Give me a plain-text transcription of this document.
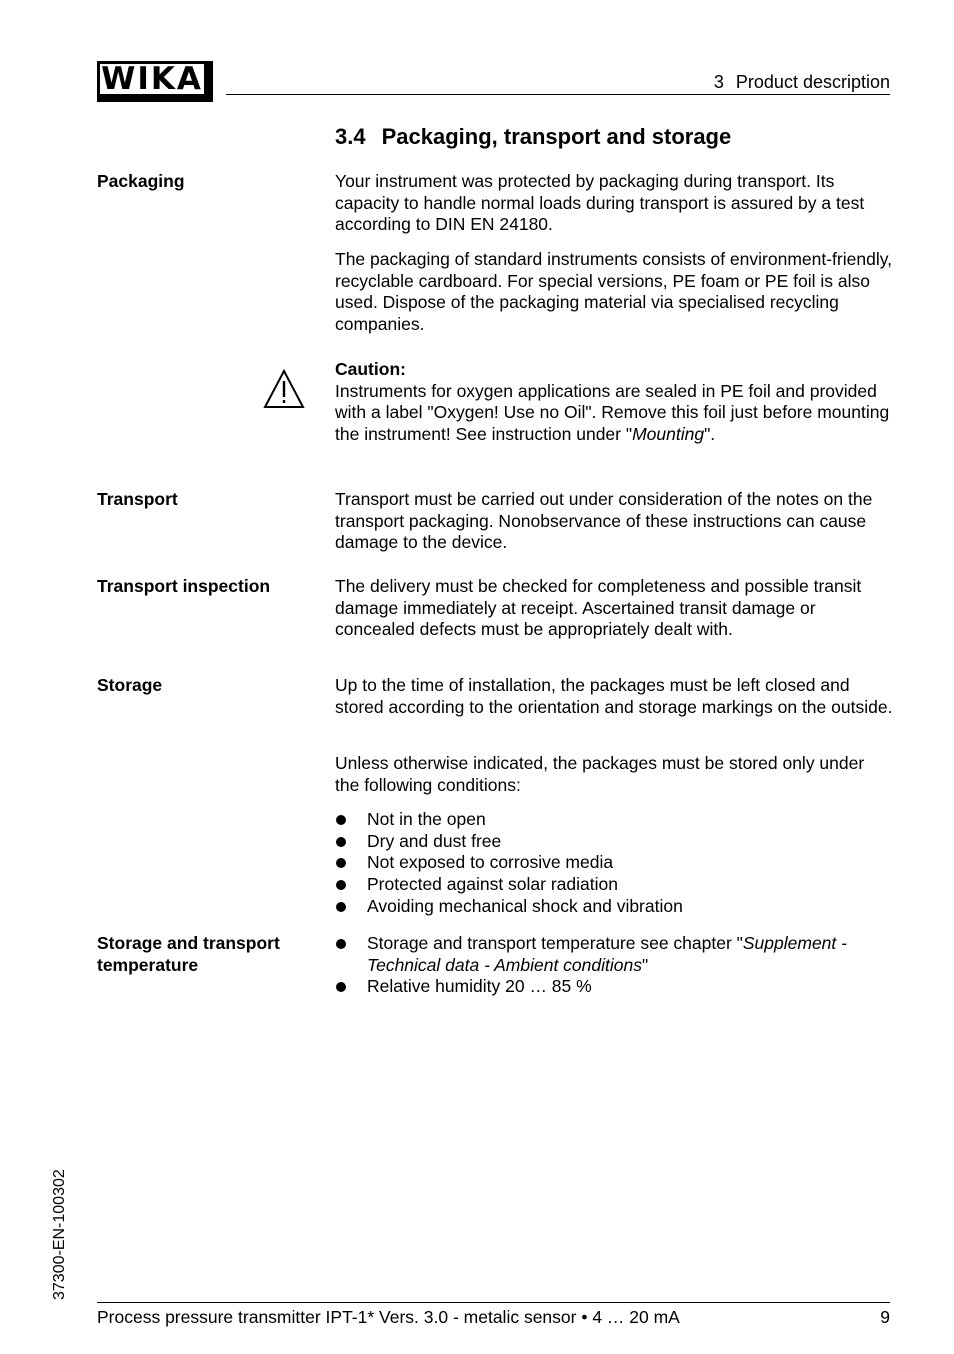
WIKA	3 Product description
3.4 Packaging, transport and storage
Packaging	Your instrument was protected by packaging during transport. Its capacity to handle normal loads during transport is assured by a test according to DIN EN 24180.

The packaging of standard instruments consists of environment-friendly, recyclable cardboard. For special versions, PE foam or PE foil is also used. Dispose of the packaging material via specialised recycling companies.

Caution:

Instruments for oxygen applications are sealed in PE foil and provided with a label "Oxygen! Use no Oil". Remove this foil just before mounting the instrument! See instruction under "Mounting".

Transport	Transport must be carried out under consideration of the notes on the transport packaging. Nonobservance of these instructions can cause damage to the device.

Transport inspection	The delivery must be checked for completeness and possible transit damage immediately at receipt. Ascertained transit damage or concealed defects must be appropriately dealt with.

Storage	Up to the time of installation, the packages must be left closed and stored according to the orientation and storage markings on the outside.

Unless otherwise indicated, the packages must be stored only under the following conditions:

Not in the open
Dry and dust free
Not exposed to corrosive media
Protected against solar radiation
Avoiding mechanical shock and vibration
Storage and transport
temperature
Storage and transport temperature see chapter "Supplement - Technical data - Ambient conditions"
Relative humidity 20 … 85 %
37300-EN-100302
Process pressure transmitter IPT-1* Vers. 3.0 - metalic sensor • 4 … 20 mA	9
